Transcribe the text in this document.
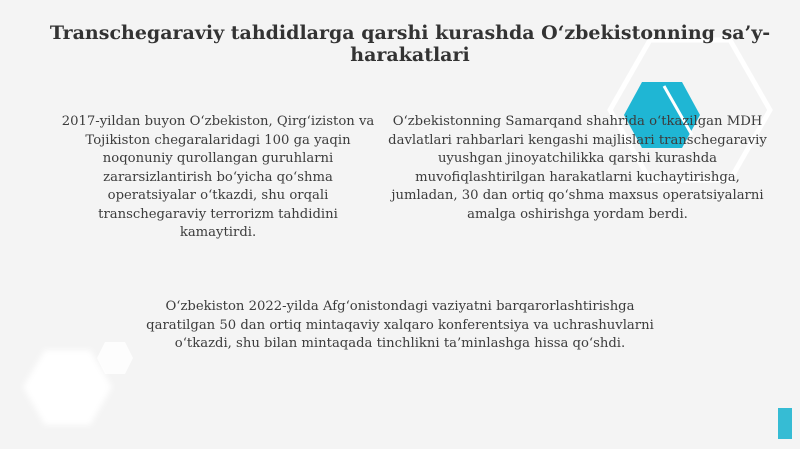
Transchegaraviy tahdidlarga qarshi kurashda O‘zbekistonning sa’y-harakatlari
2017-yildan buyon O‘zbekiston, Qirg‘iziston va Tojikiston chegaralaridagi 100 ga yaqin noqonuniy qurollangan guruhlarni zararsizlantirish bo‘yicha qo‘shma operatsiyalar o‘tkazdi, shu orqali transchegaraviy terrorizm tahdidini kamaytirdi.
O‘zbekistonning Samarqand shahrida o‘tkazilgan MDH davlatlari rahbarlari kengashi majlislari transchegaraviy uyushgan jinoyatchilikka qarshi kurashda muvofiqlashtirilgan harakatlarni kuchaytirishga, jumladan, 30 dan ortiq qo‘shma maxsus operatsiyalarni amalga oshirishga yordam berdi.
O‘zbekiston 2022-yilda Afg‘onistondagi vaziyatni barqarorlashtirishga qaratilgan 50 dan ortiq mintaqaviy xalqaro konferentsiya va uchrashuvlarni o‘tkazdi, shu bilan mintaqada tinchlikni ta’minlashga hissa qo‘shdi.
